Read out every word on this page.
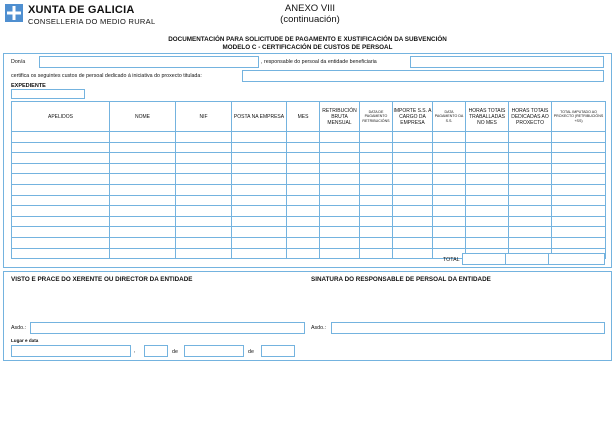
XUNTA DE GALICIA
CONSELLERIA DO MEDIO RURAL
ANEXO VIII
(continuación)
DOCUMENTACIÓN PARA SOLICITUDE DE PAGAMENTO E XUSTIFICACIÓN DA SUBVENCIÓN
MODELO C - CERTIFICACIÓN DE CUSTOS DE PERSOAL
Don/a	, responsable do persoal da entidade beneficiaria
certifica os seguintes custos de persoal dedicado á iniciativa do proxecto titulada:
EXPEDIENTE
APELIDOS	NOME	NIF	POSTA NA EMPRESA	MES	RETRIBUCIÓN BRUTA MENSUAL	DATA DE PAGAMENTO RETRIBUCIÓNS	IMPORTE S.S. A CARGO DA EMPRESA	DATA PAGAMENTO DA S.S.	HORAS TOTAIS TRABALLADAS NO MES	HORAS TOTAIS DEDICADAS AO PROXECTO	TOTAL IMPUTADO AO PROXECTO (RETRIBUCIÓNS +SS)

TOTAL
VISTO E PRACE DO XERENTE OU DIRECTOR DA ENTIDADE	SINATURA DO RESPONSABLE DE PERSOAL DA ENTIDADE
Asdo.:	Asdo.:
Lugar e data
,	de	de
